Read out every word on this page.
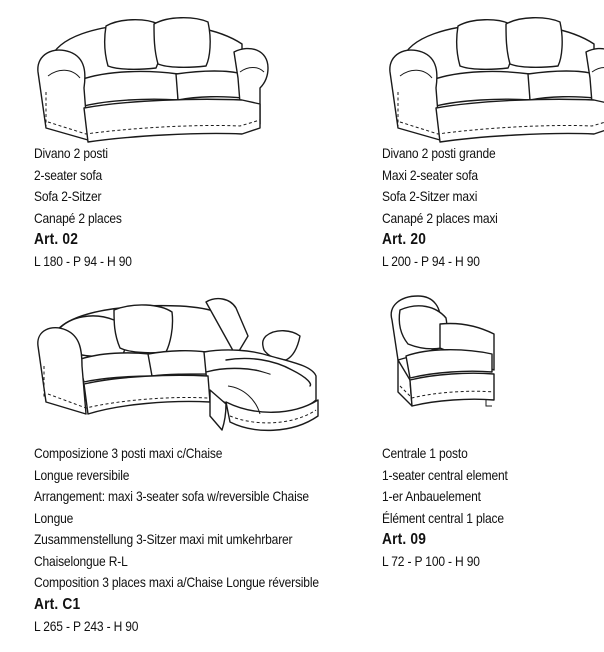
Divano 2 posti
2-seater sofa
Sofa 2-Sitzer
Canapé 2 places
Art. 02
L 180 - P 94 - H 90
Divano 2 posti grande
Maxi 2-seater sofa
Sofa 2-Sitzer maxi
Canapé 2 places maxi
Art. 20
L 200 - P 94 - H 90
Composizione 3 posti maxi c/Chaise
Longue reversibile
Arrangement: maxi 3-seater sofa w/reversible Chaise
Longue
Zusammenstellung 3-Sitzer maxi mit umkehrbarer
Chaiselongue R-L
Composition 3 places maxi a/Chaise Longue réversible
Art. C1
L 265 - P 243 - H 90
Centrale 1 posto
1-seater central element
1-er Anbauelement
Élément central 1 place
Art. 09
L 72 - P 100 - H 90
